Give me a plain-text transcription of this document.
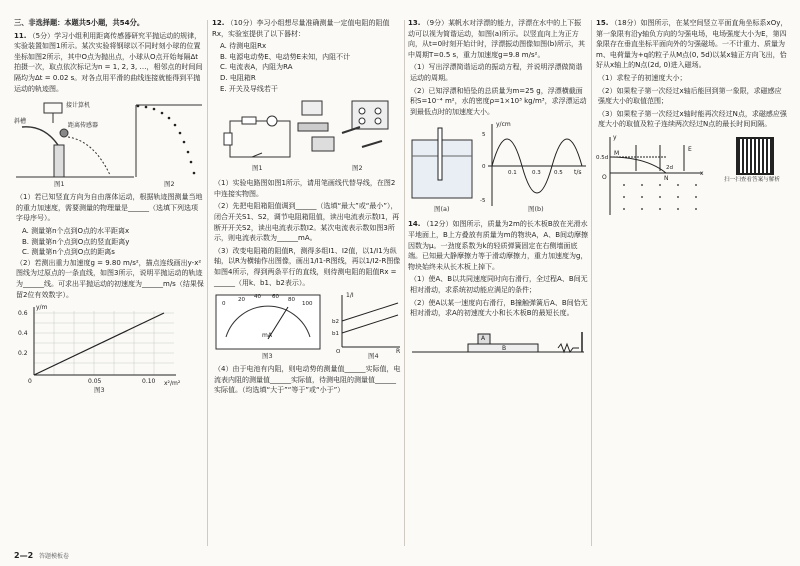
三、非选择题：本题共5小题，共54分。
11. （5分）学习小组利用距离传感器研究平抛运动的规律，实验装置如图1所示。某次实验将钢球以不同时刻小球的位置坐标如图2所示，其中O点为抛出点，小球从O点开始每隔Δt拍摄一次，取点依次标记为n = 1, 2, 3, …，相邻点的时间间隔均为Δt = 0.02 s。对各点用平滑的曲线连接就能得到平抛运动的轨迹图。
接计算机
斜槽
距离传感器
图1	图2
（1）若已知竖直方向为自由落体运动，根据轨迹图测量当地的重力加速度，需要测量的物理量是______（选填下列选项字母序号）。
A. 测量第n个点到O点的水平距离x
B. 测量第n个点到O点的竖直距离y
C. 测量第n个点到O点的距离s
（2）若测出重力加速度g = 9.80 m/s²，描点连线画出y-x²图线为过原点的一条直线，如图3所示，说明平抛运动的轨迹为______线。可求出平抛运动的初速度为______m/s（结果保留2位有效数字）。
y/m
x²/m²
0.6
0.4
0.2
0	0.05	0.10
图3
12. （10分）李习小组想尽量准确测量一定值电阻的阻值Rx，实验室提供了以下器材：
A. 待测电阻Rx
B. 电源电动势E、电动势E未知，内阻不计
C. 电流表A，内阻为RA
D. 电阻箱R
E. 开关及导线若干
图1	图2
（1）实验电路图如图1所示，请用笔画线代替导线，在图2中连接实物图。
（2）先把电阻箱阻值调到______（选填“最大”或“最小”），闭合开关S1、S2，调节电阻箱阻值，读出电流表示数I1，再断开开关S2，读出电流表示数I2。某次电流表示数如图3所示，则电流表示数为______mA。
（3）改变电阻箱的阻值R，测得多组I1、I2值，以1/I1为纵轴，以R为横轴作出图像，画出1/I1-R图线，再以1/I2-R图像如图4所示，得到两条平行的直线，则待测电阻的阻值Rx = ______（用k、b1、b2表示）。
0
20 40 60 80
100
mA
1/I
R
b2
b1
O
图3	图4
（4）由于电池有内阻，则电动势的测量值______实际值，电流表内阻的测量值______实际值，待测电阻的测量值______实际值。（均选填“大于”“等于”或“小于”）
13. （9分）某帆水对浮漂的能力，浮漂在水中的上下振动可以视为简谐运动，如图(a)所示。以竖直向上为正方向，从t=0时刻开始计时，浮漂振动图像如图(b)所示，其中周期T=0.5 s，重力加速度g=9.8 m/s²。
（1）写出浮漂简谐运动的振动方程，并说明浮漂做简谐运动的周期。
（2）已知浮漂和铅坠的总质量为m=25 g，浮漂横截面积S=10⁻⁴ m²，水的密度ρ=1×10³ kg/m³，求浮漂运动到最低点时的加速度大小。
y/cm
t/s
5
0
-5
0.1	0.3 0.5
图(a)	图(b)
14. （12分）如图所示，质量为2m的长木板B放在光滑水平地面上，B上方叠放有质量为m的物块A，A、B间动摩擦因数为μ。一劲度系数为k的轻质弹簧固定在右侧墙面底端。已知最大静摩擦力等于滑动摩擦力，重力加速度为g，物块始终未从长木板上掉下。
（1）使A、B以共同速度同时向右滑行，全过程A、B间无相对滑动，求系统初动能应满足的条件；
（2）使A以某一速度向右滑行，B撞触弹簧后A、B间恰无相对滑动，求A的初速度大小和长木板B的最短长度。
A
B
15. （18分）如图所示，在某空间竖立平面直角坐标系xOy，第一象限有沿y轴负方向的匀强电场，电场强度大小为E，第四象限存在垂直坐标平面向外的匀强磁场。一不计重力、质量为m、电荷量为+q的粒子从M点(0, 5d)以某x轴正方向飞出，恰好从x轴上的N点(2d, 0)进入磁场。
（1）求粒子的初速度大小；
（2）如果粒子第一次经过x轴后能回到第一象限，求磁感应强度大小的取值范围；
（3）如果粒子第一次经过x轴时能再次经过N点，求磁感应强度大小的取值及粒子连续两次经过N点的最长时间间隔。
y
M
E
x
O	N
0.5d
2d
扫一扫查看答案与解析
2—2 答题模板卷
